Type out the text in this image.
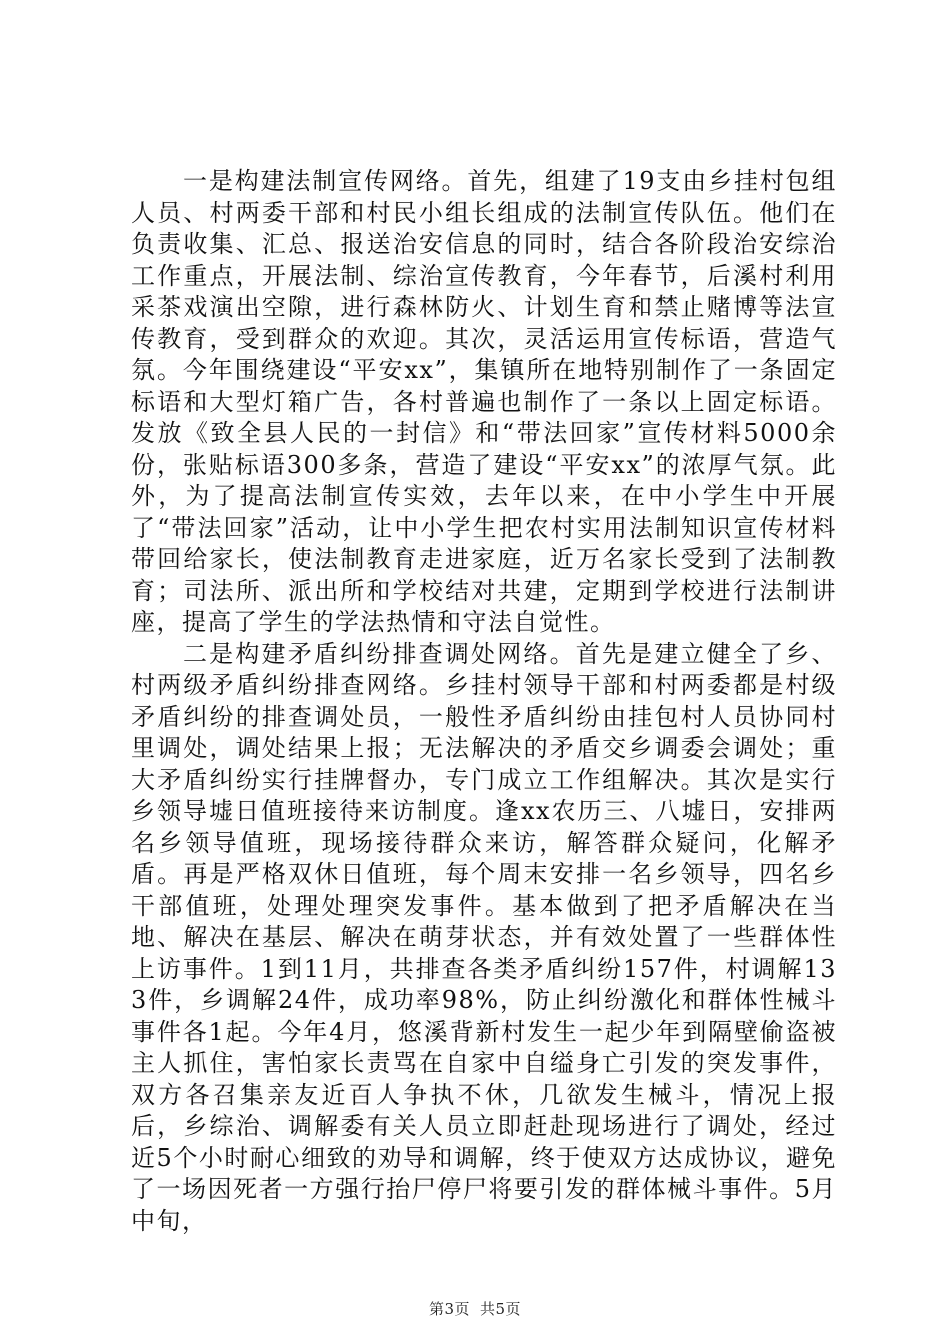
一是构建法制宣传网络。首先，组建了19支由乡挂村包组人员、村两委干部和村民小组长组成的法制宣传队伍。他们在负责收集、汇总、报送治安信息的同时，结合各阶段治安综治工作重点，开展法制、综治宣传教育，今年春节，后溪村利用采茶戏演出空隙，进行森林防火、计划生育和禁止赌博等法宣传教育，受到群众的欢迎。其次，灵活运用宣传标语，营造气氛。今年围绕建设“平安xx”，集镇所在地特别制作了一条固定标语和大型灯箱广告，各村普遍也制作了一条以上固定标语。发放《致全县人民的一封信》和“带法回家”宣传材料5000余份，张贴标语300多条，营造了建设“平安xx”的浓厚气氛。此外，为了提高法制宣传实效，去年以来，在中小学生中开展了“带法回家”活动，让中小学生把农村实用法制知识宣传材料带回给家长，使法制教育走进家庭，近万名家长受到了法制教育；司法所、派出所和学校结对共建，定期到学校进行法制讲座，提高了学生的学法热情和守法自觉性。

二是构建矛盾纠纷排查调处网络。首先是建立健全了乡、村两级矛盾纠纷排查网络。乡挂村领导干部和村两委都是村级矛盾纠纷的排查调处员，一般性矛盾纠纷由挂包村人员协同村里调处，调处结果上报；无法解决的矛盾交乡调委会调处；重大矛盾纠纷实行挂牌督办，专门成立工作组解决。其次是实行乡领导墟日值班接待来访制度。逢xx农历三、八墟日，安排两名乡领导值班，现场接待群众来访，解答群众疑问，化解矛盾。再是严格双休日值班，每个周末安排一名乡领导，四名乡干部值班，处理处理突发事件。基本做到了把矛盾解决在当地、解决在基层、解决在萌芽状态，并有效处置了一些群体性上访事件。1到11月，共排查各类矛盾纠纷157件，村调解133件，乡调解24件，成功率98%，防止纠纷激化和群体性械斗事件各1起。今年4月，悠溪背新村发生一起少年到隔壁偷盗被主人抓住，害怕家长责骂在自家中自缢身亡引发的突发事件，双方各召集亲友近百人争执不休，几欲发生械斗，情况上报后，乡综治、调解委有关人员立即赶赴现场进行了调处，经过近5个小时耐心细致的劝导和调解，终于使双方达成协议，避免了一场因死者一方强行抬尸停尸将要引发的群体械斗事件。5月中旬，

第3页 共5页
